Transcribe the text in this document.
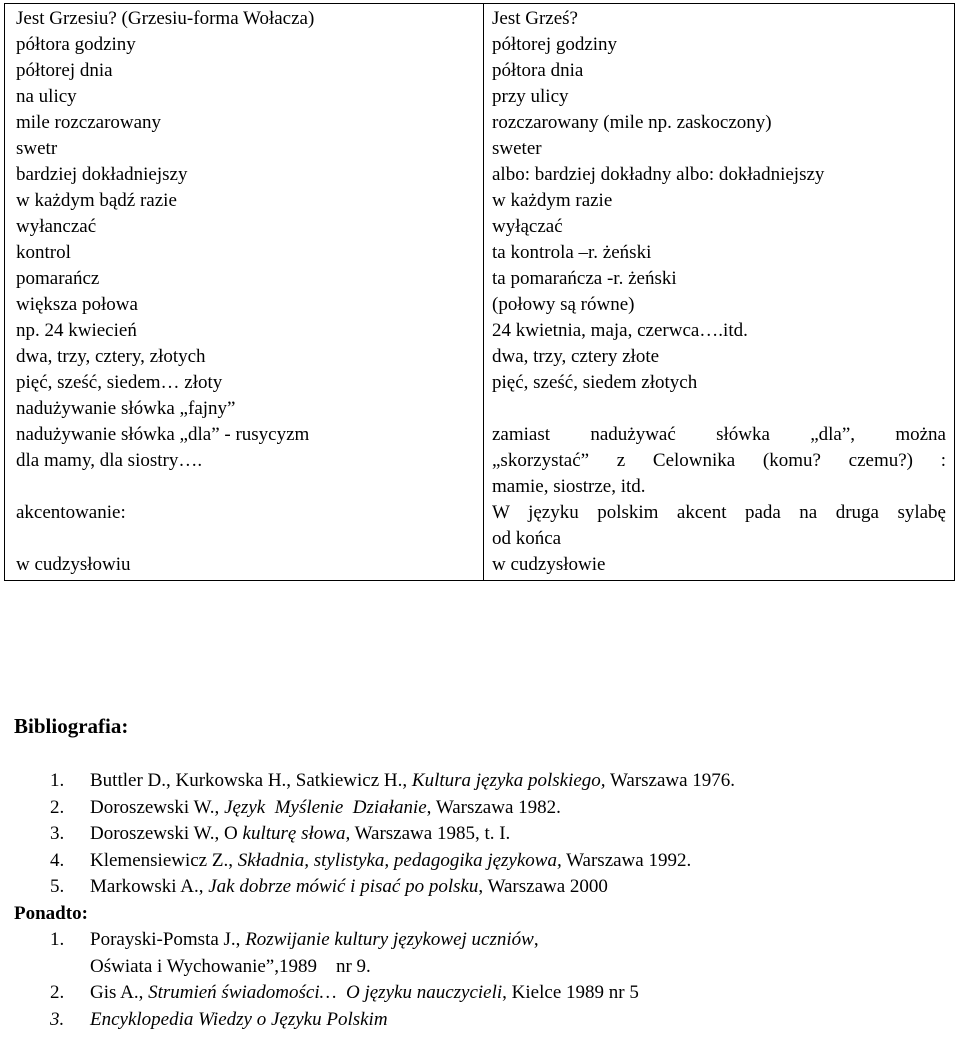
Jest Grzesiu? (Grzesiu-forma Wołacza)
półtora godziny
półtorej dnia
na ulicy
mile rozczarowany
swetr
bardziej dokładniejszy
w każdym bądź razie
wyłanczać
kontrol
pomarańcz
większa połowa
np. 24 kwiecień
dwa, trzy, cztery, złotych
pięć, sześć, siedem… złoty
nadużywanie słówka „fajny”
nadużywanie słówka „dla” - rusycyzm
dla mamy, dla siostry….
akcentowanie:
w cudzysłowiu
Jest Grześ?
półtorej godziny
półtora dnia
przy ulicy
rozczarowany (mile np. zaskoczony)
sweter
albo: bardziej dokładny albo: dokładniejszy
w każdym razie
wyłączać
ta kontrola –r. żeński
ta pomarańcza -r. żeński
(połowy są równe)
24 kwietnia, maja, czerwca….itd.
dwa, trzy, cztery złote
pięć, sześć, siedem złotych
zamiast nadużywać słówka „dla”, można
„skorzystać” z Celownika (komu? czemu?) :
mamie, siostrze, itd.
W języku polskim akcent pada na druga sylabę
od końca
w cudzysłowie
Bibliografia:
1. Buttler D., Kurkowska H., Satkiewicz H., Kultura języka polskiego, Warszawa 1976.
2. Doroszewski W., Język  Myślenie  Działanie, Warszawa 1982.
3. Doroszewski W., O kulturę słowa, Warszawa 1985, t. I.
4. Klemensiewicz Z., Składnia, stylistyka, pedagogika językowa, Warszawa 1992.
5. Markowski A., Jak dobrze mówić i pisać po polsku, Warszawa 2000
Ponadto:
1. Porayski-Pomsta J., Rozwijanie kultury językowej uczniów,
Oświata i Wychowanie”,1989    nr 9.
2. Gis A., Strumień świadomości…  O języku nauczycieli, Kielce 1989 nr 5
3. Encyklopedia Wiedzy o Języku Polskim
